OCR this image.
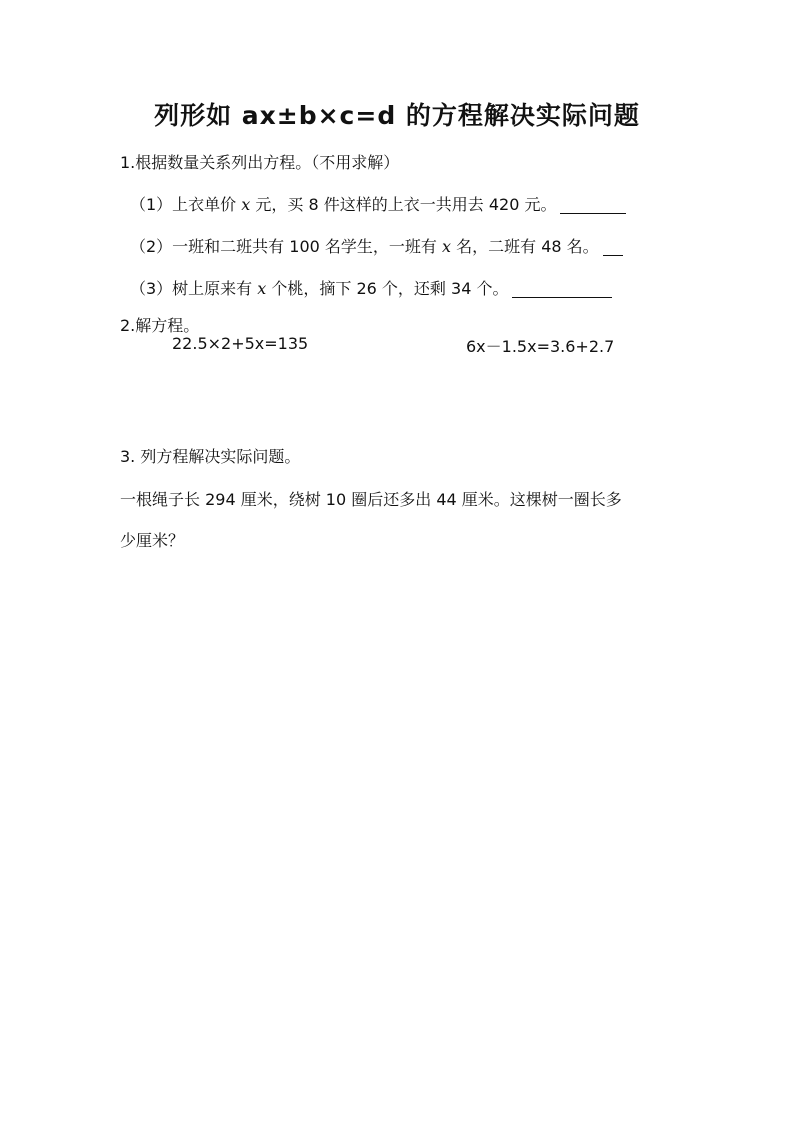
列形如 ax±b×c=d 的方程解决实际问题
1.根据数量关系列出方程。（不用求解）
（1）上衣单价 x 元，买 8 件这样的上衣一共用去 420 元。
（2）一班和二班共有 100 名学生，一班有 x 名，二班有 48 名。
（3）树上原来有 x 个桃，摘下 26 个，还剩 34 个。
2.解方程。
22.5×2+5x=135	6x－1.5x=3.6+2.7
3. 列方程解决实际问题。
一根绳子长 294 厘米，绕树 10 圈后还多出 44 厘米。这棵树一圈长多
少厘米？
